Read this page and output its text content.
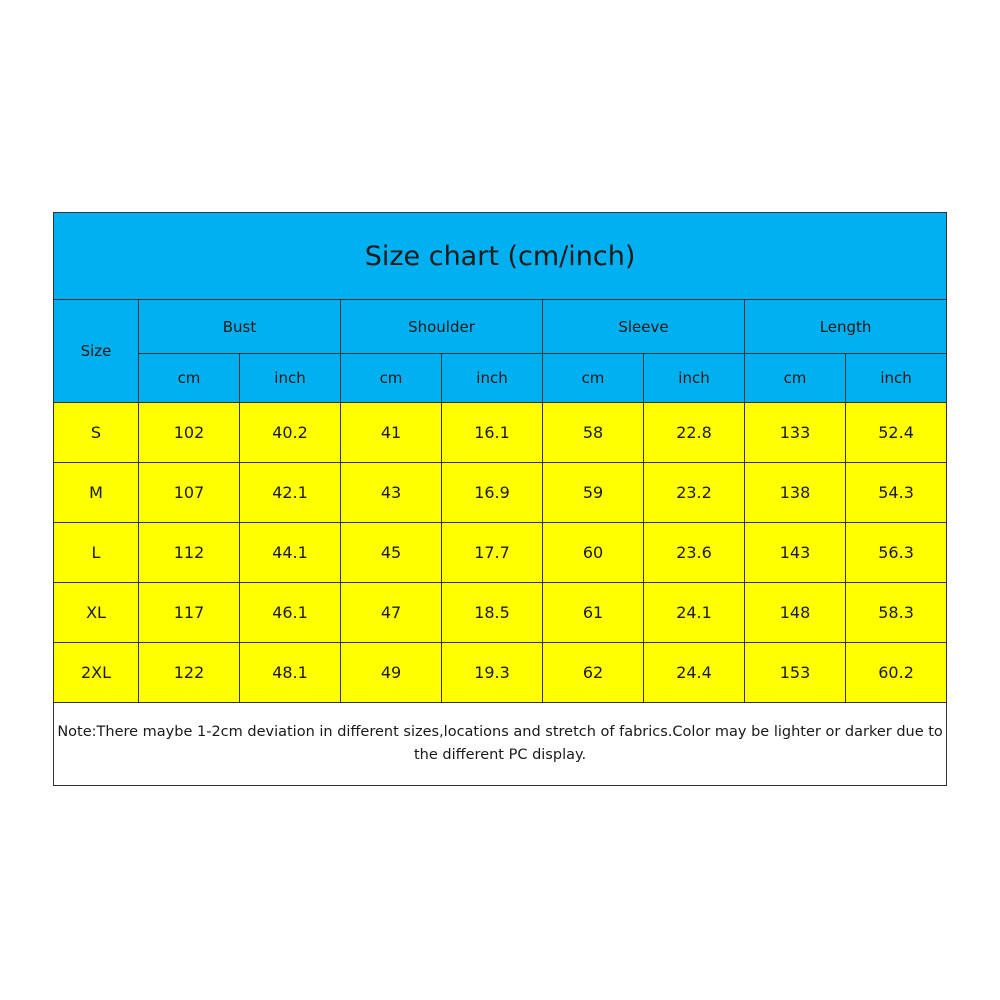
Size chart (cm/inch)								
Size	Bust		Shoulder		Sleeve		Length	
	cm	inch	cm	inch	cm	inch	cm	inch
S	102	40.2	41	16.1	58	22.8	133	52.4
M	107	42.1	43	16.9	59	23.2	138	54.3
L	112	44.1	45	17.7	60	23.6	143	56.3
XL	117	46.1	47	18.5	61	24.1	148	58.3
2XL	122	48.1	49	19.3	62	24.4	153	60.2
Note:There maybe 1-2cm deviation in different sizes,locations and stretch of fabrics.Color may be lighter or darker due to the different PC display.								
